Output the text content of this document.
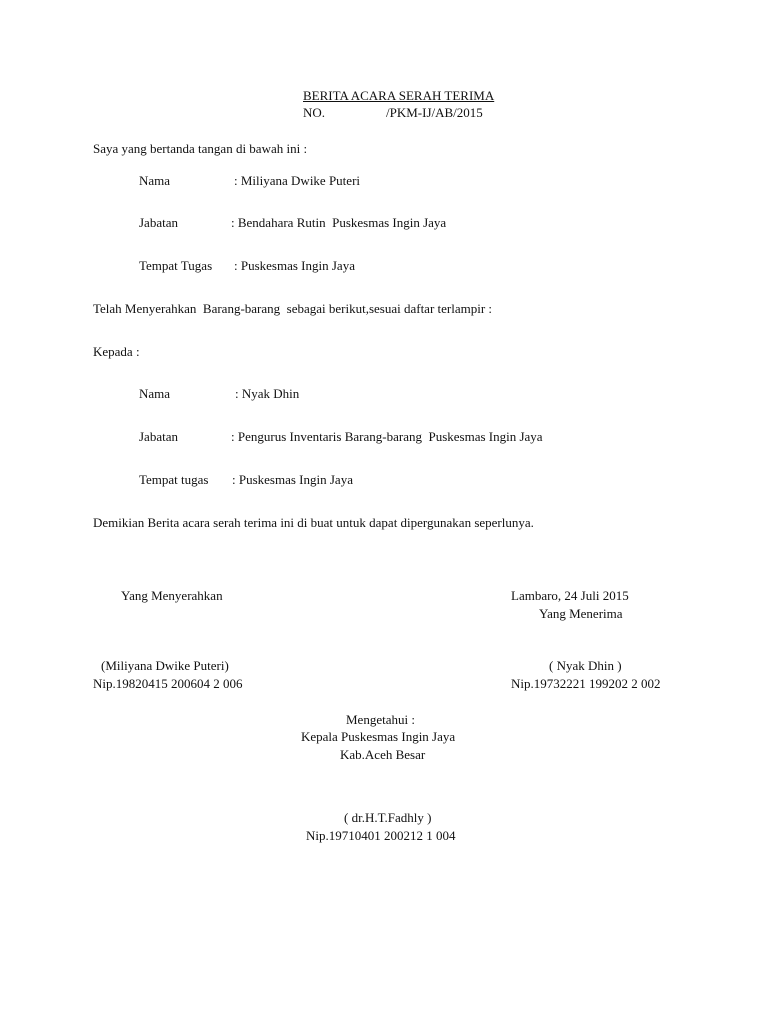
BERITA ACARA SERAH TERIMA
NO.	/PKM-IJ/AB/2015
Saya yang bertanda tangan di bawah ini :
Nama	: Miliyana Dwike Puteri
Jabatan	: Bendahara Rutin  Puskesmas Ingin Jaya
Tempat Tugas : Puskesmas Ingin Jaya
Telah Menyerahkan  Barang-barang  sebagai berikut,sesuai daftar terlampir :
Kepada :
Nama	: Nyak Dhin
Jabatan	: Pengurus Inventaris Barang-barang  Puskesmas Ingin Jaya
Tempat tugas : Puskesmas Ingin Jaya
Demikian Berita acara serah terima ini di buat untuk dapat dipergunakan seperlunya.
Yang Menyerahkan	Lambaro, 24 Juli 2015
Yang Menerima
(Miliyana Dwike Puteri)
Nip.19820415 200604 2 006
( Nyak Dhin )
Nip.19732221 199202 2 002
Mengetahui :
Kepala Puskesmas Ingin Jaya
Kab.Aceh Besar
( dr.H.T.Fadhly )
Nip.19710401 200212 1 004
